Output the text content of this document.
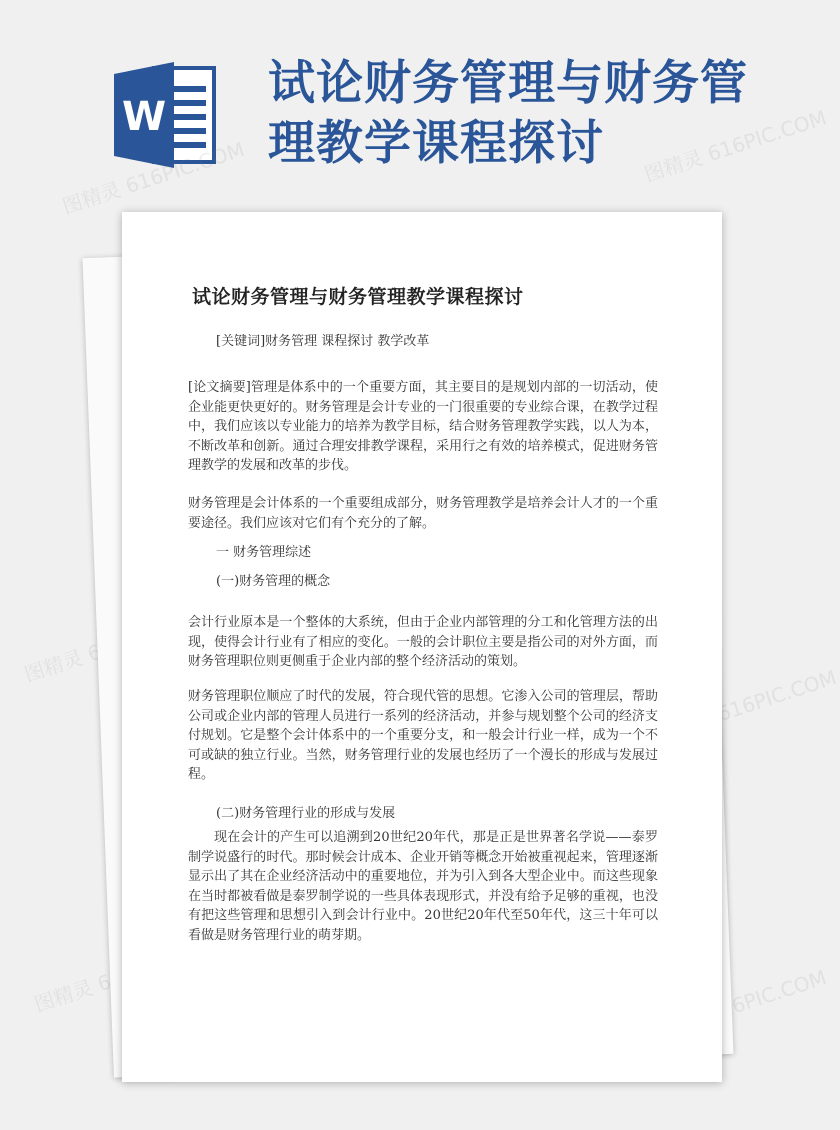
W
试论财务管理与财务管
理教学课程探讨
图精灵 616PIC.COM	图精灵 616PIC.COM
图精灵	图精灵 616PIC.COM
图精灵	图精灵 616PIC.COM
试论财务管理与财务管理教学课程探讨

[关键词]财务管理 课程探讨 教学改革

[论文摘要]管理是体系中的一个重要方面，其主要目的是规划内部的一切活动，使企业能更快更好的。财务管理是会计专业的一门很重要的专业综合课，在教学过程中，我们应该以专业能力的培养为教学目标，结合财务管理教学实践，以人为本，不断改革和创新。通过合理安排教学课程，采用行之有效的培养模式，促进财务管理教学的发展和改革的步伐。

财务管理是会计体系的一个重要组成部分，财务管理教学是培养会计人才的一个重要途径。我们应该对它们有个充分的了解。

一 财务管理综述

(一)财务管理的概念

会计行业原本是一个整体的大系统，但由于企业内部管理的分工和化管理方法的出现，使得会计行业有了相应的变化。一般的会计职位主要是指公司的对外方面，而财务管理职位则更侧重于企业内部的整个经济活动的策划。

财务管理职位顺应了时代的发展，符合现代管的思想。它渗入公司的管理层，帮助公司或企业内部的管理人员进行一系列的经济活动，并参与规划整个公司的经济支付规划。它是整个会计体系中的一个重要分支，和一般会计行业一样，成为一个不可或缺的独立行业。当然，财务管理行业的发展也经历了一个漫长的形成与发展过程。

(二)财务管理行业的形成与发展

现在会计的产生可以追溯到20世纪20年代，那是正是世界著名学说——泰罗制学说盛行的时代。那时候会计成本、企业开销等概念开始被重视起来，管理逐渐显示出了其在企业经济活动中的重要地位，并为引入到各大型企业中。而这些现象在当时都被看做是泰罗制学说的一些具体表现形式，并没有给予足够的重视，也没有把这些管理和思想引入到会计行业中。20世纪20年代至50年代，这三十年可以看做是财务管理行业的萌芽期。
